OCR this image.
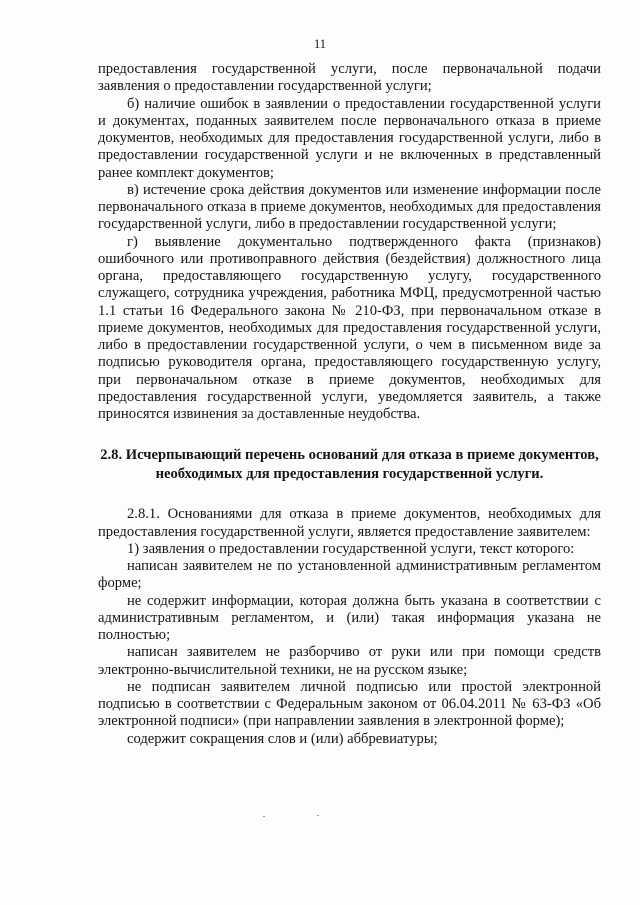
11

предоставления государственной услуги, после первоначальной подачи заявления о предоставлении государственной услуги;

б) наличие ошибок в заявлении о предоставлении государственной услуги и документах, поданных заявителем после первоначального отказа в приеме документов, необходимых для предоставления государственной услуги, либо в предоставлении государственной услуги и не включенных в представленный ранее комплект документов;

в) истечение срока действия документов или изменение информации после первоначального отказа в приеме документов, необходимых для предоставления государственной услуги, либо в предоставлении государственной услуги;

г) выявление документально подтвержденного факта (признаков) ошибочного или противоправного действия (бездействия) должностного лица органа, предоставляющего государственную услугу, государственного служащего, сотрудника учреждения, работника МФЦ, предусмотренной частью 1.1 статьи 16 Федерального закона № 210-ФЗ, при первоначальном отказе в приеме документов, необходимых для предоставления государственной услуги, либо в предоставлении государственной услуги, о чем в письменном виде за подписью руководителя органа, предоставляющего государственную услугу, при первоначальном отказе в приеме документов, необходимых для предоставления государственной услуги, уведомляется заявитель, а также приносятся извинения за доставленные неудобства.

2.8. Исчерпывающий перечень оснований для отказа в приеме документов, необходимых для предоставления государственной услуги.

2.8.1. Основаниями для отказа в приеме документов, необходимых для предоставления государственной услуги, является предоставление заявителем:

1) заявления о предоставлении государственной услуги, текст которого:

написан заявителем не по установленной административным регламентом форме;

не содержит информации, которая должна быть указана в соответствии с административным регламентом, и (или) такая информация указана не полностью;

написан заявителем не разборчиво от руки или при помощи средств электронно-вычислительной техники, не на русском языке;

не подписан заявителем личной подписью или простой электронной подписью в соответствии с Федеральным законом от 06.04.2011 № 63-ФЗ «Об электронной подписи» (при направлении заявления в электронной форме);

содержит сокращения слов и (или) аббревиатуры;
